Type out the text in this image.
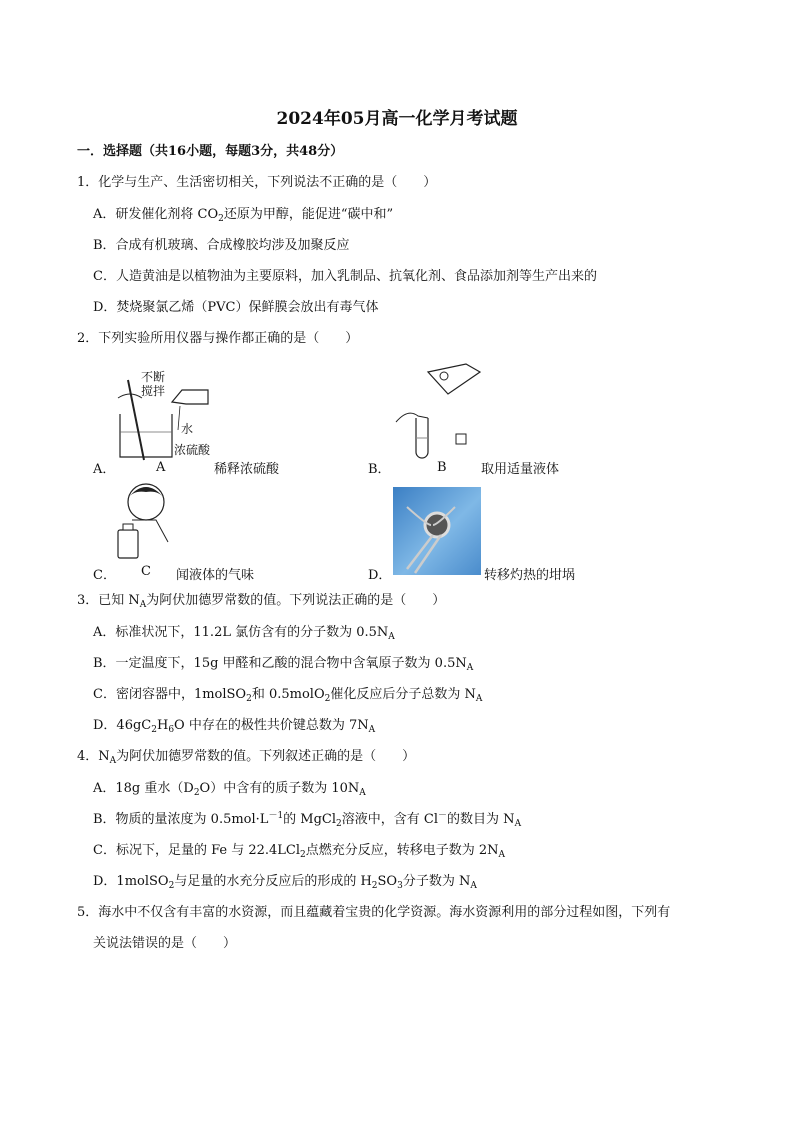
2024年05月高一化学月考试题
一．选择题（共16小题，每题3分，共48分）
1．化学与生产、生活密切相关，下列说法不正确的是（　　）
A．研发催化剂将 $CO_2$还原为甲醇，能促进“碳中和”
B．合成有机玻璃、合成橡胶均涉及加聚反应
C．人造黄油是以植物油为主要原料，加入乳制品、抗氧化剂、食品添加剂等生产出来的
D．焚烧聚氯乙烯（PVC）保鲜膜会放出有毒气体
2．下列实验所用仪器与操作都正确的是（　　）
不断
搅拌
水
浓硫酸
A．	A	稀释浓硫酸	B．	B	取用适量液体
C． C 闻液体的气味	D．	转移灼热的坩埚
3．已知 $N_A$为阿伏加德罗常数的值。下列说法正确的是（　　）
A．标准状况下，11.2L 氯仿含有的分子数为 $0.5N_A$
B．一定温度下，15g 甲醛和乙酸的混合物中含氧原子数为 $0.5N_A$
C．密闭容器中，1molSO$_2$和 0.5molO$_2$催化反应后分子总数为 $N_A$
D．$46gC_2H_6O$ 中存在的极性共价键总数为 $7N_A$
4．$N_A$为阿伏加德罗常数的值。下列叙述正确的是（　　）
A．18g 重水$(D_2O)$中含有的质子数为 $10N_A$
B．物质的量浓度为 $0.5mol\cdot L^{-1}$的 MgCl$_2$溶液中，含有 Cl－的数目为 $N_A$
C．标况下，足量的 Fe 与 22.4LCl$_2$点燃充分反应，转移电子数为 $2N_A$
D．1molSO$_2$与足量的水充分反应后的形成的 $H_2SO_3$分子数为 $N_A$
5．海水中不仅含有丰富的水资源，而且蕴藏着宝贵的化学资源。海水资源利用的部分过程如图，下列有
关说法错误的是（　　）
